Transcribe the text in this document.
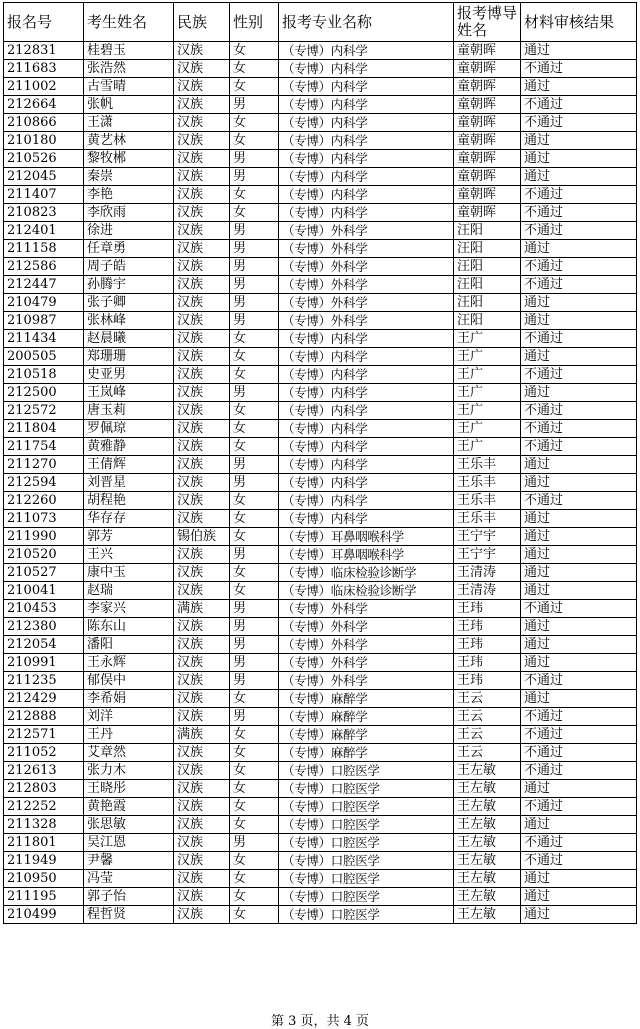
报名号	考生姓名	民族	性别	报考专业名称	报考博导姓名	材料审核结果
212831	桂碧玉	汉族	女	（专博）内科学	童朝晖	通过
211683	张浩然	汉族	女	（专博）内科学	童朝晖	不通过
211002	古雪晴	汉族	女	（专博）内科学	童朝晖	通过
212664	张帆	汉族	男	（专博）内科学	童朝晖	不通过
210866	王潇	汉族	女	（专博）内科学	童朝晖	不通过
210180	黄艺林	汉族	女	（专博）内科学	童朝晖	通过
210526	黎牧郴	汉族	男	（专博）内科学	童朝晖	通过
212045	秦崇	汉族	男	（专博）内科学	童朝晖	通过
211407	李艳	汉族	女	（专博）内科学	童朝晖	不通过
210823	李欣雨	汉族	女	（专博）内科学	童朝晖	不通过
212401	徐进	汉族	男	（专博）外科学	汪阳	不通过
211158	任章勇	汉族	男	（专博）外科学	汪阳	通过
212586	周子皓	汉族	男	（专博）外科学	汪阳	不通过
212447	孙腾宇	汉族	男	（专博）外科学	汪阳	不通过
210479	张子卿	汉族	男	（专博）外科学	汪阳	通过
210987	张林峰	汉族	男	（专博）外科学	汪阳	通过
211434	赵晨曦	汉族	女	（专博）内科学	王广	不通过
200505	郑珊珊	汉族	女	（专博）内科学	王广	通过
210518	史亚男	汉族	女	（专博）内科学	王广	不通过
212500	王岚峰	汉族	男	（专博）内科学	王广	通过
212572	唐玉莉	汉族	女	（专博）内科学	王广	不通过
211804	罗佩琼	汉族	女	（专博）内科学	王广	不通过
211754	黄雅静	汉族	女	（专博）内科学	王广	不通过
211270	王倩辉	汉族	男	（专博）内科学	王乐丰	通过
212594	刘晋星	汉族	男	（专博）内科学	王乐丰	通过
212260	胡程艳	汉族	女	（专博）内科学	王乐丰	不通过
211073	华存存	汉族	女	（专博）内科学	王乐丰	通过
211990	郭芳	锡伯族	女	（专博）耳鼻咽喉科学	王宁宇	通过
210520	王兴	汉族	男	（专博）耳鼻咽喉科学	王宁宇	通过
210527	康中玉	汉族	女	（专博）临床检验诊断学	王清涛	通过
210041	赵瑞	汉族	女	（专博）临床检验诊断学	王清涛	通过
210453	李家兴	满族	男	（专博）外科学	王玮	不通过
212380	陈东山	汉族	男	（专博）外科学	王玮	通过
212054	潘阳	汉族	男	（专博）外科学	王玮	通过
210991	王永辉	汉族	男	（专博）外科学	王玮	通过
211235	郁俣中	汉族	男	（专博）外科学	王玮	不通过
212429	李希娟	汉族	女	（专博）麻醉学	王云	通过
212888	刘洋	汉族	男	（专博）麻醉学	王云	不通过
212571	王丹	满族	女	（专博）麻醉学	王云	不通过
211052	艾章然	汉族	女	（专博）麻醉学	王云	不通过
212613	张力木	汉族	女	（专博）口腔医学	王左敏	不通过
212803	王晓彤	汉族	女	（专博）口腔医学	王左敏	通过
212252	黄艳霞	汉族	女	（专博）口腔医学	王左敏	不通过
211328	张思敏	汉族	女	（专博）口腔医学	王左敏	通过
211801	吴江恩	汉族	男	（专博）口腔医学	王左敏	不通过
211949	尹馨	汉族	女	（专博）口腔医学	王左敏	不通过
210950	冯莹	汉族	女	（专博）口腔医学	王左敏	通过
211195	郭子怡	汉族	女	（专博）口腔医学	王左敏	通过
210499	程哲贤	汉族	女	（专博）口腔医学	王左敏	通过
第 3 页，共 4 页
